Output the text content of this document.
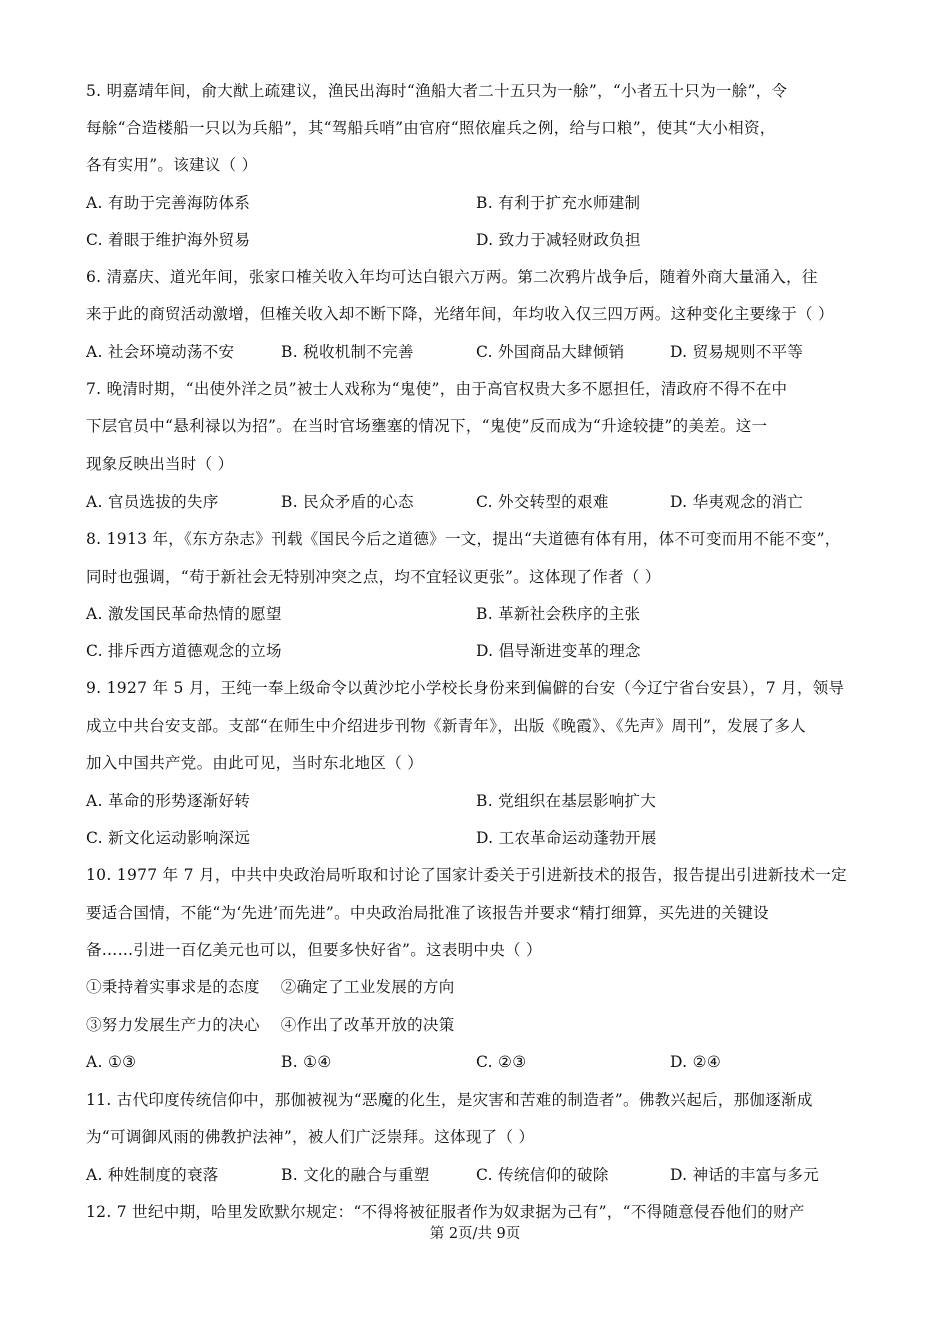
5. 明嘉靖年间，俞大猷上疏建议，渔民出海时“渔船大者二十五只为一艅”，“小者五十只为一艅”，令
每艅“合造楼船一只以为兵船”，其“驾船兵哨”由官府“照依雇兵之例，给与口粮”，使其“大小相资，
各有实用”。该建议（ ）
A. 有助于完善海防体系	B. 有利于扩充水师建制
C. 着眼于维护海外贸易	D. 致力于减轻财政负担
6. 清嘉庆、道光年间，张家口榷关收入年均可达白银六万两。第二次鸦片战争后，随着外商大量涌入，往
来于此的商贸活动激增，但榷关收入却不断下降，光绪年间，年均收入仅三四万两。这种变化主要缘于（ ）
A. 社会环境动荡不安	B. 税收机制不完善	C. 外国商品大肆倾销	D. 贸易规则不平等
7. 晚清时期，“出使外洋之员”被士人戏称为“鬼使”，由于高官权贵大多不愿担任，清政府不得不在中
下层官员中“悬利禄以为招”。在当时官场壅塞的情况下，“鬼使”反而成为“升途较捷”的美差。这一
现象反映出当时（ ）
A. 官员选拔的失序	B. 民众矛盾的心态	C. 外交转型的艰难	D. 华夷观念的消亡
8. 1913 年，《东方杂志》刊载《国民今后之道德》一文，提出“夫道德有体有用，体不可变而用不能不变”，
同时也强调，“苟于新社会无特别冲突之点，均不宜轻议更张”。这体现了作者（ ）
A. 激发国民革命热情的愿望	B. 革新社会秩序的主张
C. 排斥西方道德观念的立场	D. 倡导渐进变革的理念
9. 1927 年 5 月，王纯一奉上级命令以黄沙坨小学校长身份来到偏僻的台安（今辽宁省台安县），7 月，领导
成立中共台安支部。支部“在师生中介绍进步刊物《新青年》，出版《晚霞》、《先声》周刊”，发展了多人
加入中国共产党。由此可见，当时东北地区（ ）
A. 革命的形势逐渐好转	B. 党组织在基层影响扩大
C. 新文化运动影响深远	D. 工农革命运动蓬勃开展
10. 1977 年 7 月，中共中央政治局听取和讨论了国家计委关于引进新技术的报告，报告提出引进新技术一定
要适合国情，不能“为‘先进’而先进”。中央政治局批准了该报告并要求“精打细算，买先进的关键设
备……引进一百亿美元也可以，但要多快好省”。这表明中央（ ）
①秉持着实事求是的态度    ②确定了工业发展的方向
③努力发展生产力的决心    ④作出了改革开放的决策
A. ①③	B. ①④	C. ②③	D. ②④
11. 古代印度传统信仰中，那伽被视为“恶魔的化生，是灾害和苦难的制造者”。佛教兴起后，那伽逐渐成
为“可调御风雨的佛教护法神”，被人们广泛崇拜。这体现了（ ）
A. 种姓制度的衰落	B. 文化的融合与重塑	C. 传统信仰的破除	D. 神话的丰富与多元
12. 7 世纪中期，哈里发欧默尔规定：“不得将被征服者作为奴隶据为己有”，“不得随意侵吞他们的财产
第 2页/共 9页
